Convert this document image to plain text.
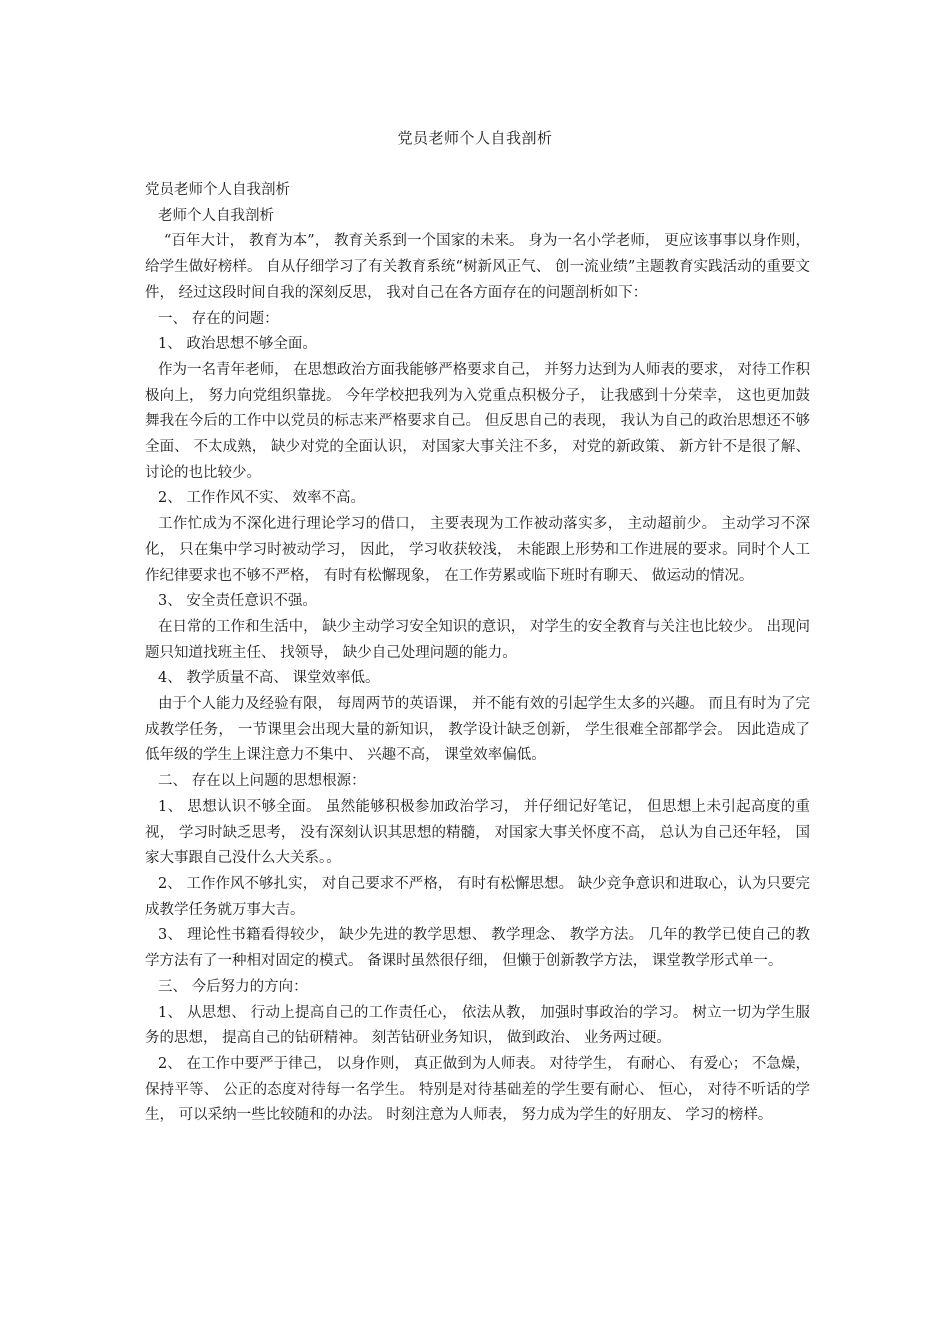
党员老师个人自我剖析

党员老师个人自我剖析

老师个人自我剖析

“百年大计， 教育为本”， 教育关系到一个国家的未来。 身为一名小学老师， 更应该事事以身作则， 给学生做好榜样。 自从仔细学习了有关教育系统“树新风正气、 创一流业绩”主题教育实践活动的重要文件， 经过这段时间自我的深刻反思， 我对自己在各方面存在的问题剖析如下：

一、 存在的问题：

1、 政治思想不够全面。

作为一名青年老师， 在思想政治方面我能够严格要求自己， 并努力达到为人师表的要求， 对待工作积极向上， 努力向党组织靠拢。 今年学校把我列为入党重点积极分子， 让我感到十分荣幸， 这也更加鼓舞我在今后的工作中以党员的标志来严格要求自己。 但反思自己的表现， 我认为自己的政治思想还不够全面、 不太成熟， 缺少对党的全面认识， 对国家大事关注不多， 对党的新政策、 新方针不是很了解、 讨论的也比较少。

2、 工作作风不实、 效率不高。

工作忙成为不深化进行理论学习的借口， 主要表现为工作被动落实多， 主动超前少。 主动学习不深化， 只在集中学习时被动学习， 因此， 学习收获较浅， 未能跟上形势和工作进展的要求。同时个人工作纪律要求也不够不严格， 有时有松懈现象， 在工作劳累或临下班时有聊天、 做运动的情况。

3、 安全责任意识不强。

在日常的工作和生活中， 缺少主动学习安全知识的意识， 对学生的安全教育与关注也比较少。 出现问题只知道找班主任、 找领导， 缺少自己处理问题的能力。

4、 教学质量不高、 课堂效率低。

由于个人能力及经验有限， 每周两节的英语课， 并不能有效的引起学生太多的兴趣。 而且有时为了完成教学任务， 一节课里会出现大量的新知识， 教学设计缺乏创新， 学生很难全部都学会。 因此造成了低年级的学生上课注意力不集中、 兴趣不高， 课堂效率偏低。

二、 存在以上问题的思想根源：

1、 思想认识不够全面。 虽然能够积极参加政治学习， 并仔细记好笔记， 但思想上未引起高度的重视， 学习时缺乏思考， 没有深刻认识其思想的精髓， 对国家大事关怀度不高， 总认为自己还年轻， 国家大事跟自己没什么大关系。。

2、 工作作风不够扎实， 对自己要求不严格， 有时有松懈思想。 缺少竞争意识和进取心，认为只要完成教学任务就万事大吉。

3、 理论性书籍看得较少， 缺少先进的教学思想、 教学理念、 教学方法。 几年的教学已使自己的教学方法有了一种相对固定的模式。 备课时虽然很仔细， 但懒于创新教学方法， 课堂教学形式单一。

三、 今后努力的方向：

1、 从思想、 行动上提高自己的工作责任心， 依法从教， 加强时事政治的学习。 树立一切为学生服务的思想， 提高自己的钻研精神。 刻苦钻研业务知识， 做到政治、 业务两过硬。

2、 在工作中要严于律己， 以身作则， 真正做到为人师表。 对待学生， 有耐心、 有爱心； 不急燥， 保持平等、 公正的态度对待每一名学生。 特别是对待基础差的学生要有耐心、 恒心， 对待不听话的学生， 可以采纳一些比较随和的办法。 时刻注意为人师表， 努力成为学生的好朋友、 学习的榜样。
